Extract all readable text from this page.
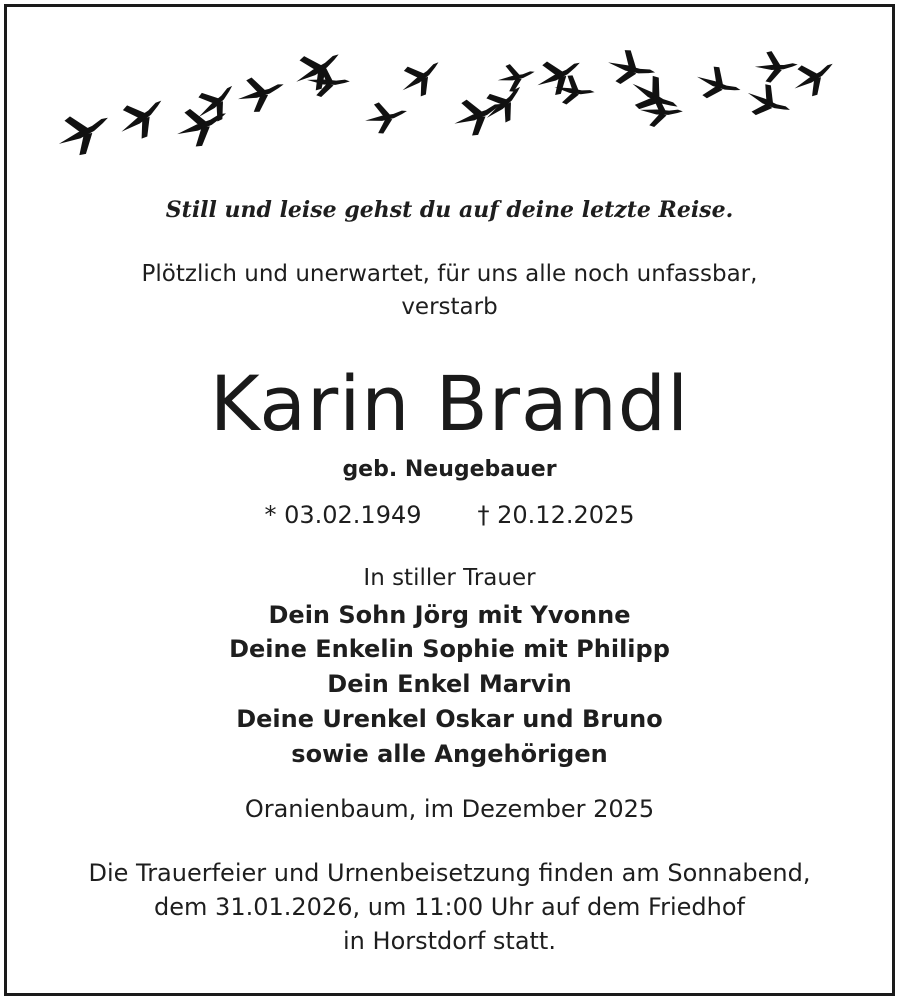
Still und leise gehst du auf deine letzte Reise.
Plötzlich und unerwartet, für uns alle noch unfassbar,
verstarb
Karin Brandl
geb. Neugebauer
* 03.02.1949 † 20.12.2025
In stiller Trauer
Dein Sohn Jörg mit Yvonne
Deine Enkelin Sophie mit Philipp
Dein Enkel Marvin
Deine Urenkel Oskar und Bruno
sowie alle Angehörigen
Oranienbaum, im Dezember 2025
Die Trauerfeier und Urnenbeisetzung finden am Sonnabend,
dem 31.01.2026, um 11:00 Uhr auf dem Friedhof
in Horstdorf statt.
